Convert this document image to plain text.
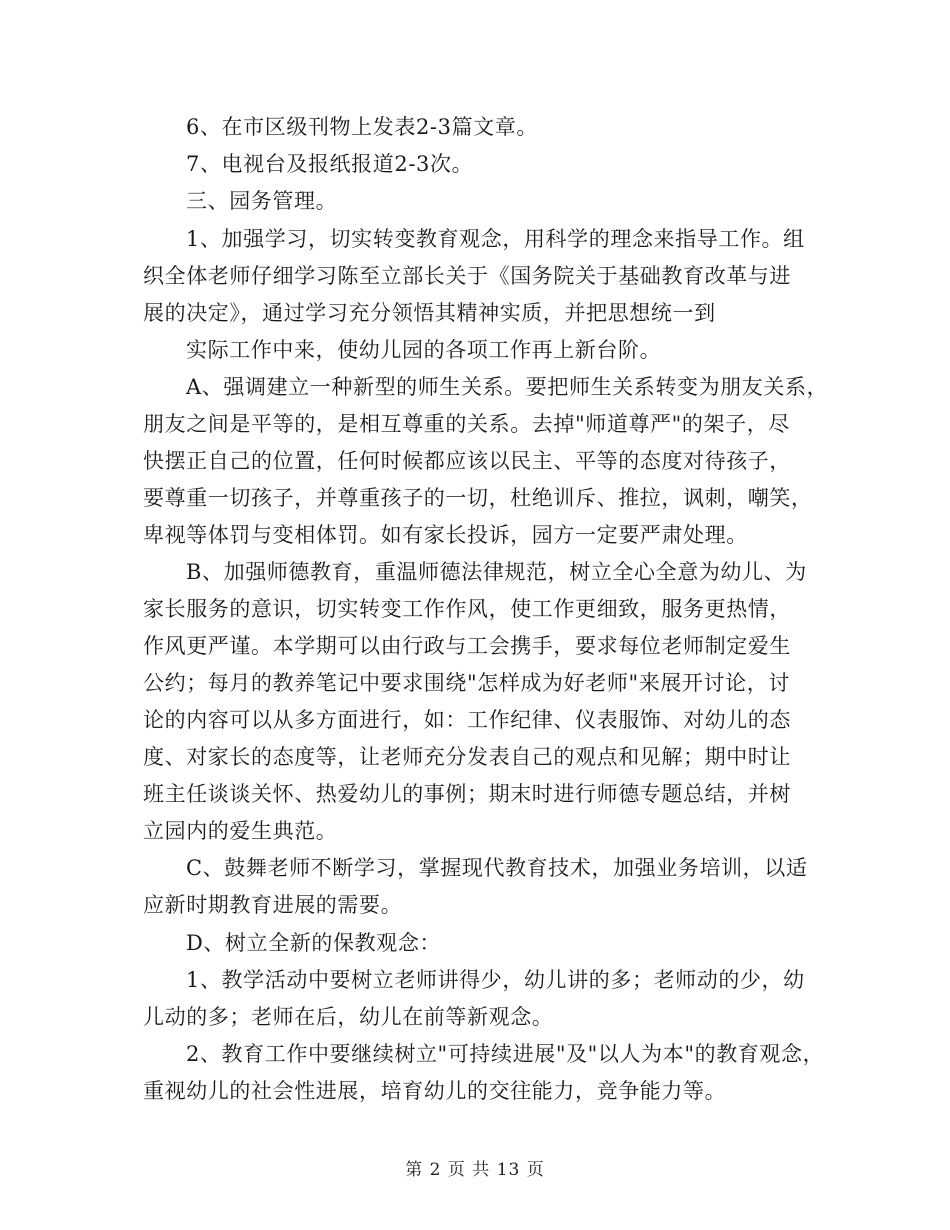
6、在市区级刊物上发表2-3篇文章。
7、电视台及报纸报道2-3次。
三、园务管理。
1、加强学习，切实转变教育观念，用科学的理念来指导工作。组
织全体老师仔细学习陈至立部长关于《国务院关于基础教育改革与进
展的决定》，通过学习充分领悟其精神实质，并把思想统一到
实际工作中来，使幼儿园的各项工作再上新台阶。
A、强调建立一种新型的师生关系。要把师生关系转变为朋友关系，
朋友之间是平等的，是相互尊重的关系。去掉"师道尊严"的架子，尽
快摆正自己的位置，任何时候都应该以民主、平等的态度对待孩子，
要尊重一切孩子，并尊重孩子的一切，杜绝训斥、推拉，讽刺，嘲笑，
卑视等体罚与变相体罚。如有家长投诉，园方一定要严肃处理。
B、加强师德教育，重温师德法律规范，树立全心全意为幼儿、为
家长服务的意识，切实转变工作作风，使工作更细致，服务更热情，
作风更严谨。本学期可以由行政与工会携手，要求每位老师制定爱生
公约；每月的教养笔记中要求围绕"怎样成为好老师"来展开讨论，讨
论的内容可以从多方面进行，如：工作纪律、仪表服饰、对幼儿的态
度、对家长的态度等，让老师充分发表自己的观点和见解；期中时让
班主任谈谈关怀、热爱幼儿的事例；期末时进行师德专题总结，并树
立园内的爱生典范。
C、鼓舞老师不断学习，掌握现代教育技术，加强业务培训，以适
应新时期教育进展的需要。
D、树立全新的保教观念：
1、教学活动中要树立老师讲得少，幼儿讲的多；老师动的少，幼
儿动的多；老师在后，幼儿在前等新观念。
2、教育工作中要继续树立"可持续进展"及"以人为本"的教育观念，
重视幼儿的社会性进展，培育幼儿的交往能力，竞争能力等。
第 2 页 共 13 页
